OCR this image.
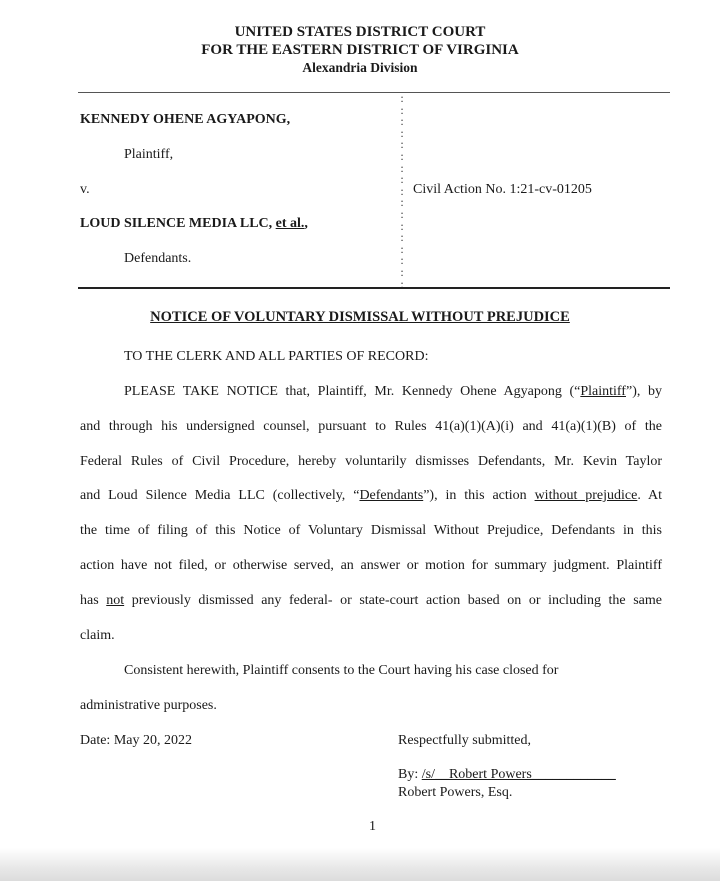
UNITED STATES DISTRICT COURT
FOR THE EASTERN DISTRICT OF VIRGINIA
Alexandria Division
:
:
:
:
:
:
:
:
:
:
:
:
:
:
:
:
:
KENNEDY OHENE AGYAPONG,
Plaintiff,
v.
LOUD SILENCE MEDIA LLC, et al.,
Defendants.
Civil Action No. 1:21-cv-01205
NOTICE OF VOLUNTARY DISMISSAL WITHOUT PREJUDICE
TO THE CLERK AND ALL PARTIES OF RECORD:
PLEASE TAKE NOTICE that, Plaintiff, Mr. Kennedy Ohene Agyapong (“Plaintiff”), by
and through his undersigned counsel, pursuant to Rules 41(a)(1)(A)(i) and 41(a)(1)(B) of the
Federal Rules of Civil Procedure, hereby voluntarily dismisses Defendants, Mr. Kevin Taylor
and Loud Silence Media LLC (collectively, “Defendants”), in this action without prejudice. At
the time of filing of this Notice of Voluntary Dismissal Without Prejudice, Defendants in this
action have not filed, or otherwise served, an answer or motion for summary judgment. Plaintiff
has not previously dismissed any federal- or state-court action based on or including the same
claim.
Consistent herewith, Plaintiff consents to the Court having his case closed for
administrative purposes.
Date: May 20, 2022	Respectfully submitted,
By: /s/__Robert Powers____________
Robert Powers, Esq.
1
